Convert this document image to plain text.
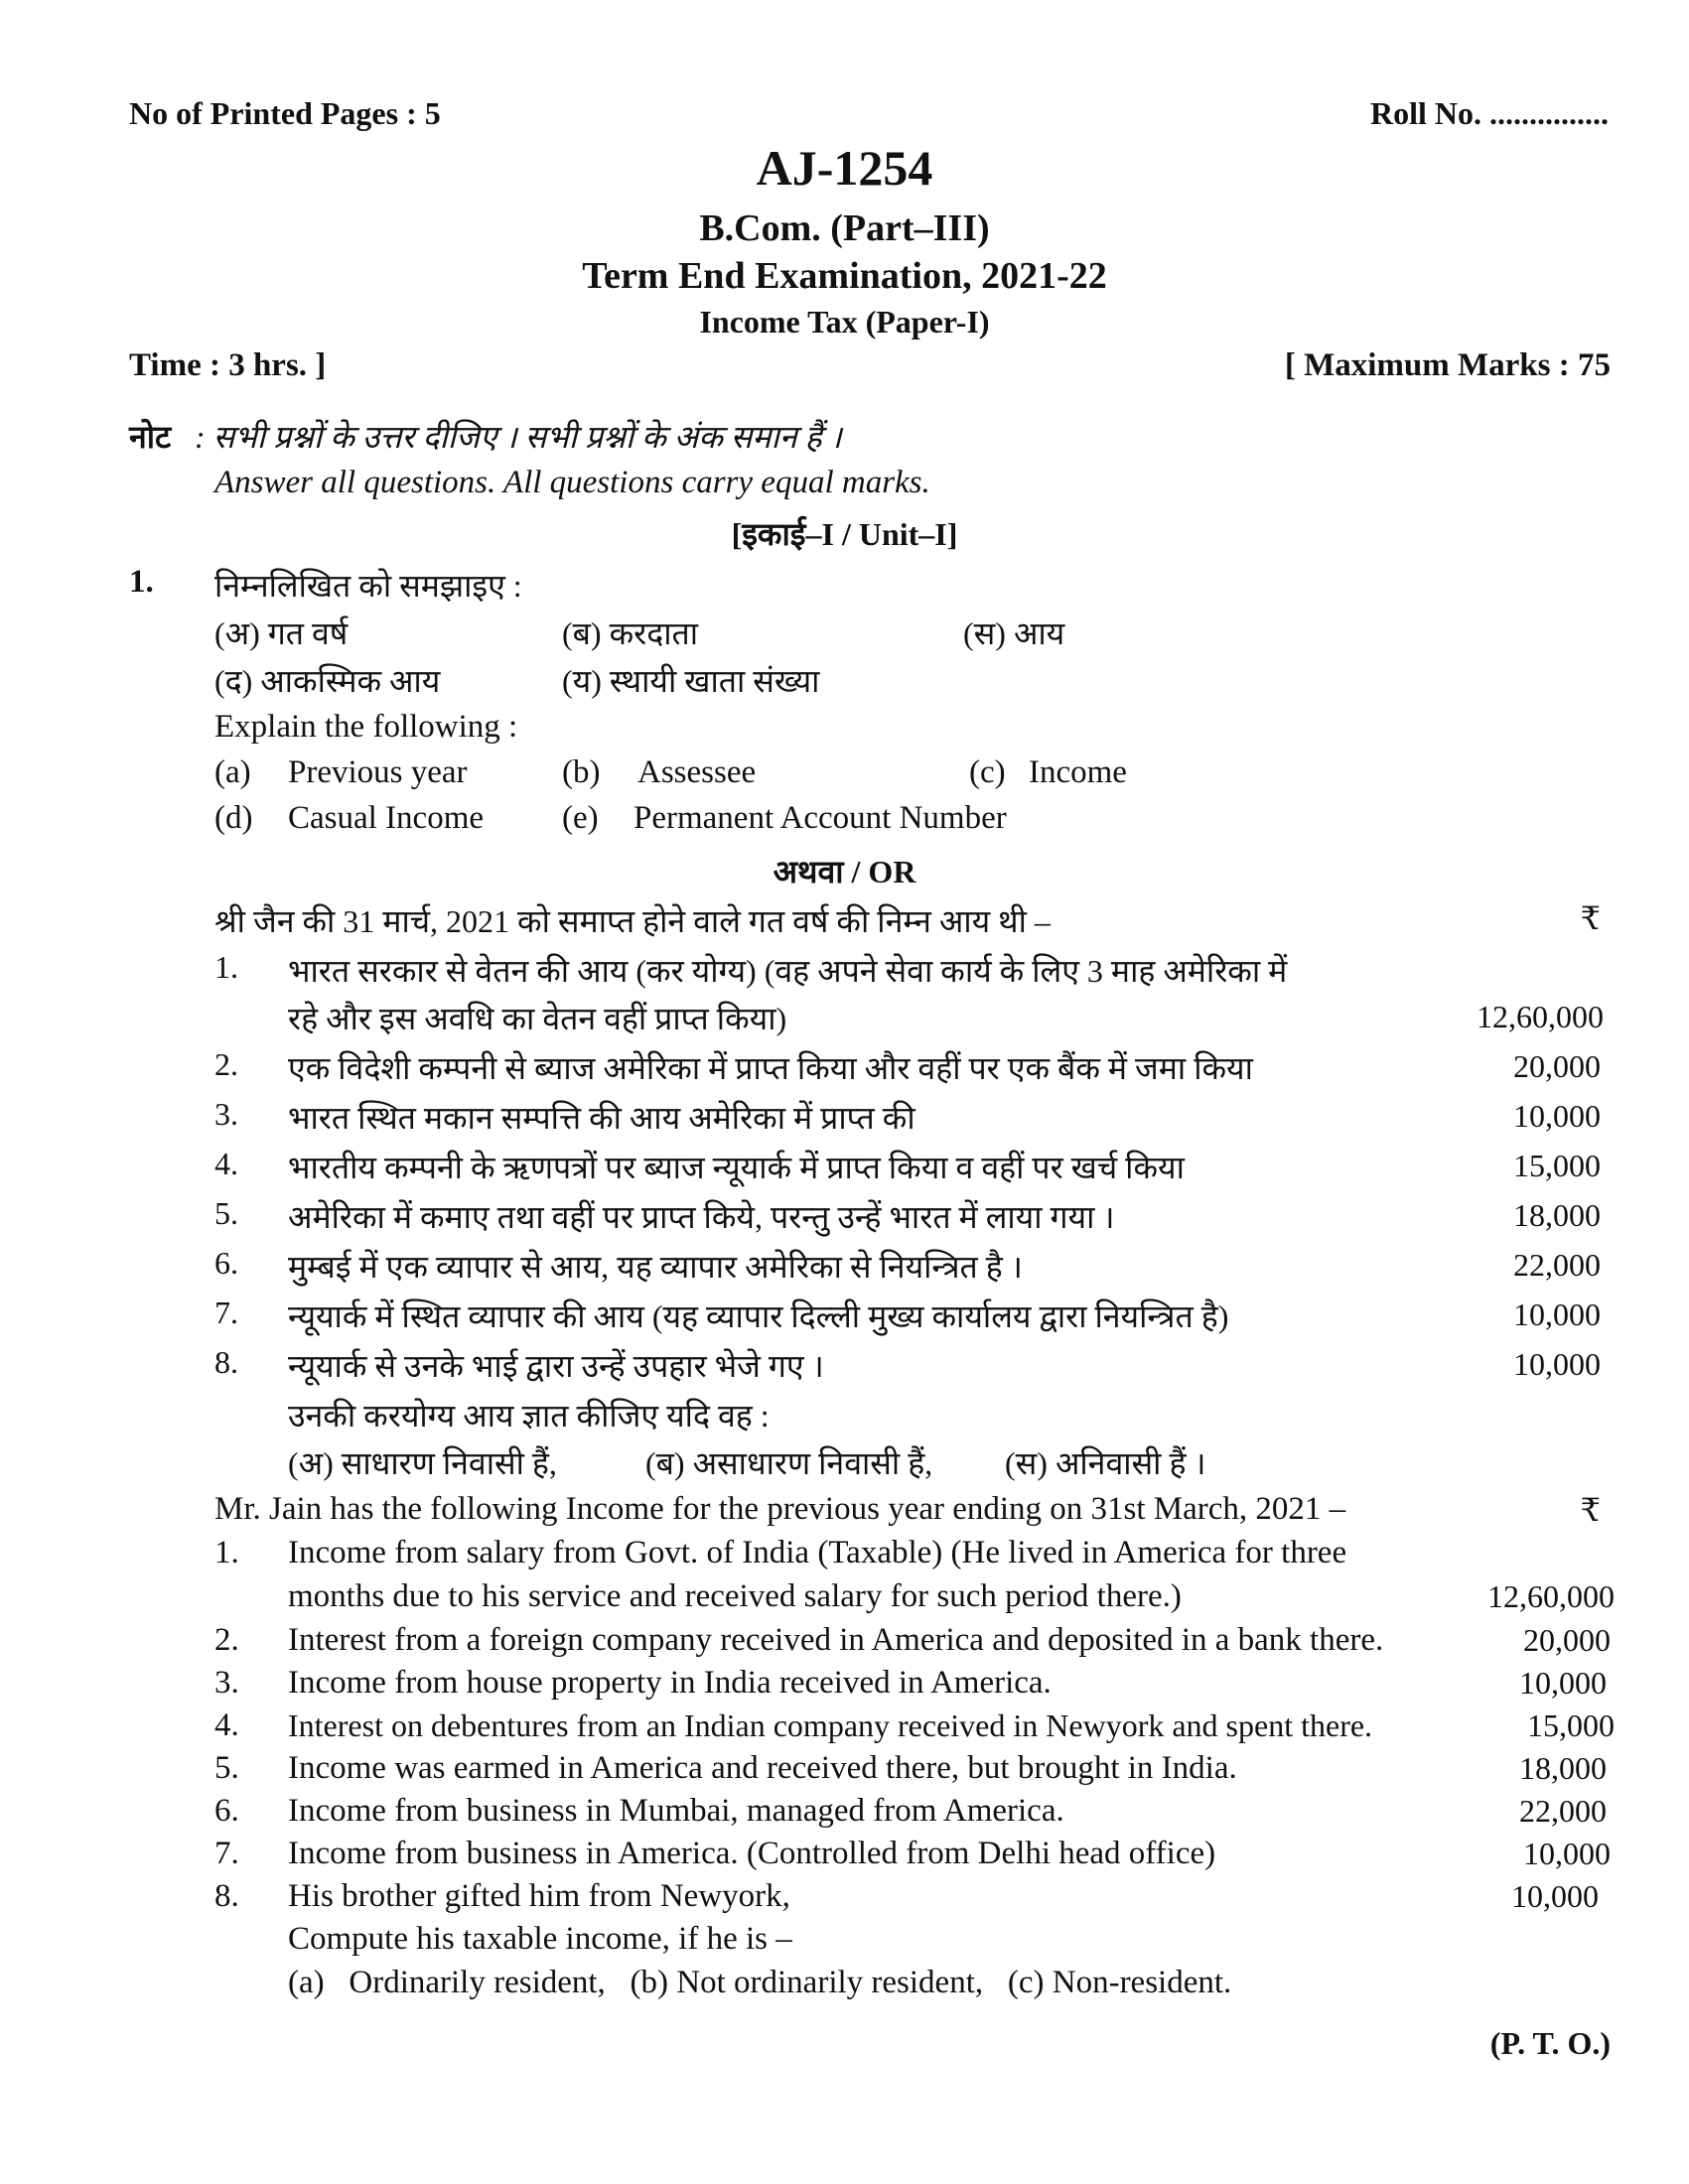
No of Printed Pages : 5	Roll No. ...............
AJ-1254
B.Com. (Part–III)
Term End Examination, 2021-22
Income Tax (Paper-I)
Time : 3 hrs. ]	[ Maximum Marks : 75
नोट : सभी प्रश्नों के उत्तर दीजिए । सभी प्रश्नों के अंक समान हैं ।
Answer all questions. All questions carry equal marks.
[इकाई–I / Unit–I]
1. निम्नलिखित को समझाइए :
(अ) गत वर्ष	(ब) करदाता	(स) आय
(द) आकस्मिक आय	(य) स्थायी खाता संख्या
Explain the following :
(a) Previous year	(b) Assessee	(c) Income
(d) Casual Income (e) Permanent Account Number
अथवा / OR
श्री जैन की 31 मार्च, 2021 को समाप्त होने वाले गत वर्ष की निम्न आय थी –	₹
1. भारत सरकार से वेतन की आय (कर योग्य) (वह अपने सेवा कार्य के लिए 3 माह अमेरिका में
रहे और इस अवधि का वेतन वहीं प्राप्त किया)	12,60,000
2. एक विदेशी कम्पनी से ब्याज अमेरिका में प्राप्त किया और वहीं पर एक बैंक में जमा किया	20,000
3. भारत स्थित मकान सम्पत्ति की आय अमेरिका में प्राप्त की	10,000
4. भारतीय कम्पनी के ऋणपत्रों पर ब्याज न्यूयार्क में प्राप्त किया व वहीं पर खर्च किया	15,000
5. अमेरिका में कमाए तथा वहीं पर प्राप्त किये, परन्तु उन्हें भारत में लाया गया ।	18,000
6. मुम्बई में एक व्यापार से आय, यह व्यापार अमेरिका से नियन्त्रित है ।	22,000
7. न्यूयार्क में स्थित व्यापार की आय (यह व्यापार दिल्ली मुख्य कार्यालय द्वारा नियन्त्रित है)	10,000
8. न्यूयार्क से उनके भाई द्वारा उन्हें उपहार भेजे गए ।	10,000
उनकी करयोग्य आय ज्ञात कीजिए यदि वह :
(अ) साधारण निवासी हैं,	(ब) असाधारण निवासी हैं, (स) अनिवासी हैं ।
Mr. Jain has the following Income for the previous year ending on 31st March, 2021 –	₹
1. Income from salary from Govt. of India (Taxable) (He lived in America for three
months due to his service and received salary for such period there.)	12,60,000
2. Interest from a foreign company received in America and deposited in a bank there.	20,000
3. Income from house property in India received in America.	10,000
4. Interest on debentures from an Indian company received in Newyork and spent there.	15,000
5. Income was earmed in America and received there, but brought in India.	18,000
6. Income from business in Mumbai, managed from America.	22,000
7. Income from business in America. (Controlled from Delhi head office)	10,000
8. His brother gifted him from Newyork,	10,000
Compute his taxable income, if he is –
(a)   Ordinarily resident,   (b) Not ordinarily resident,   (c) Non-resident.
(P. T. O.)
